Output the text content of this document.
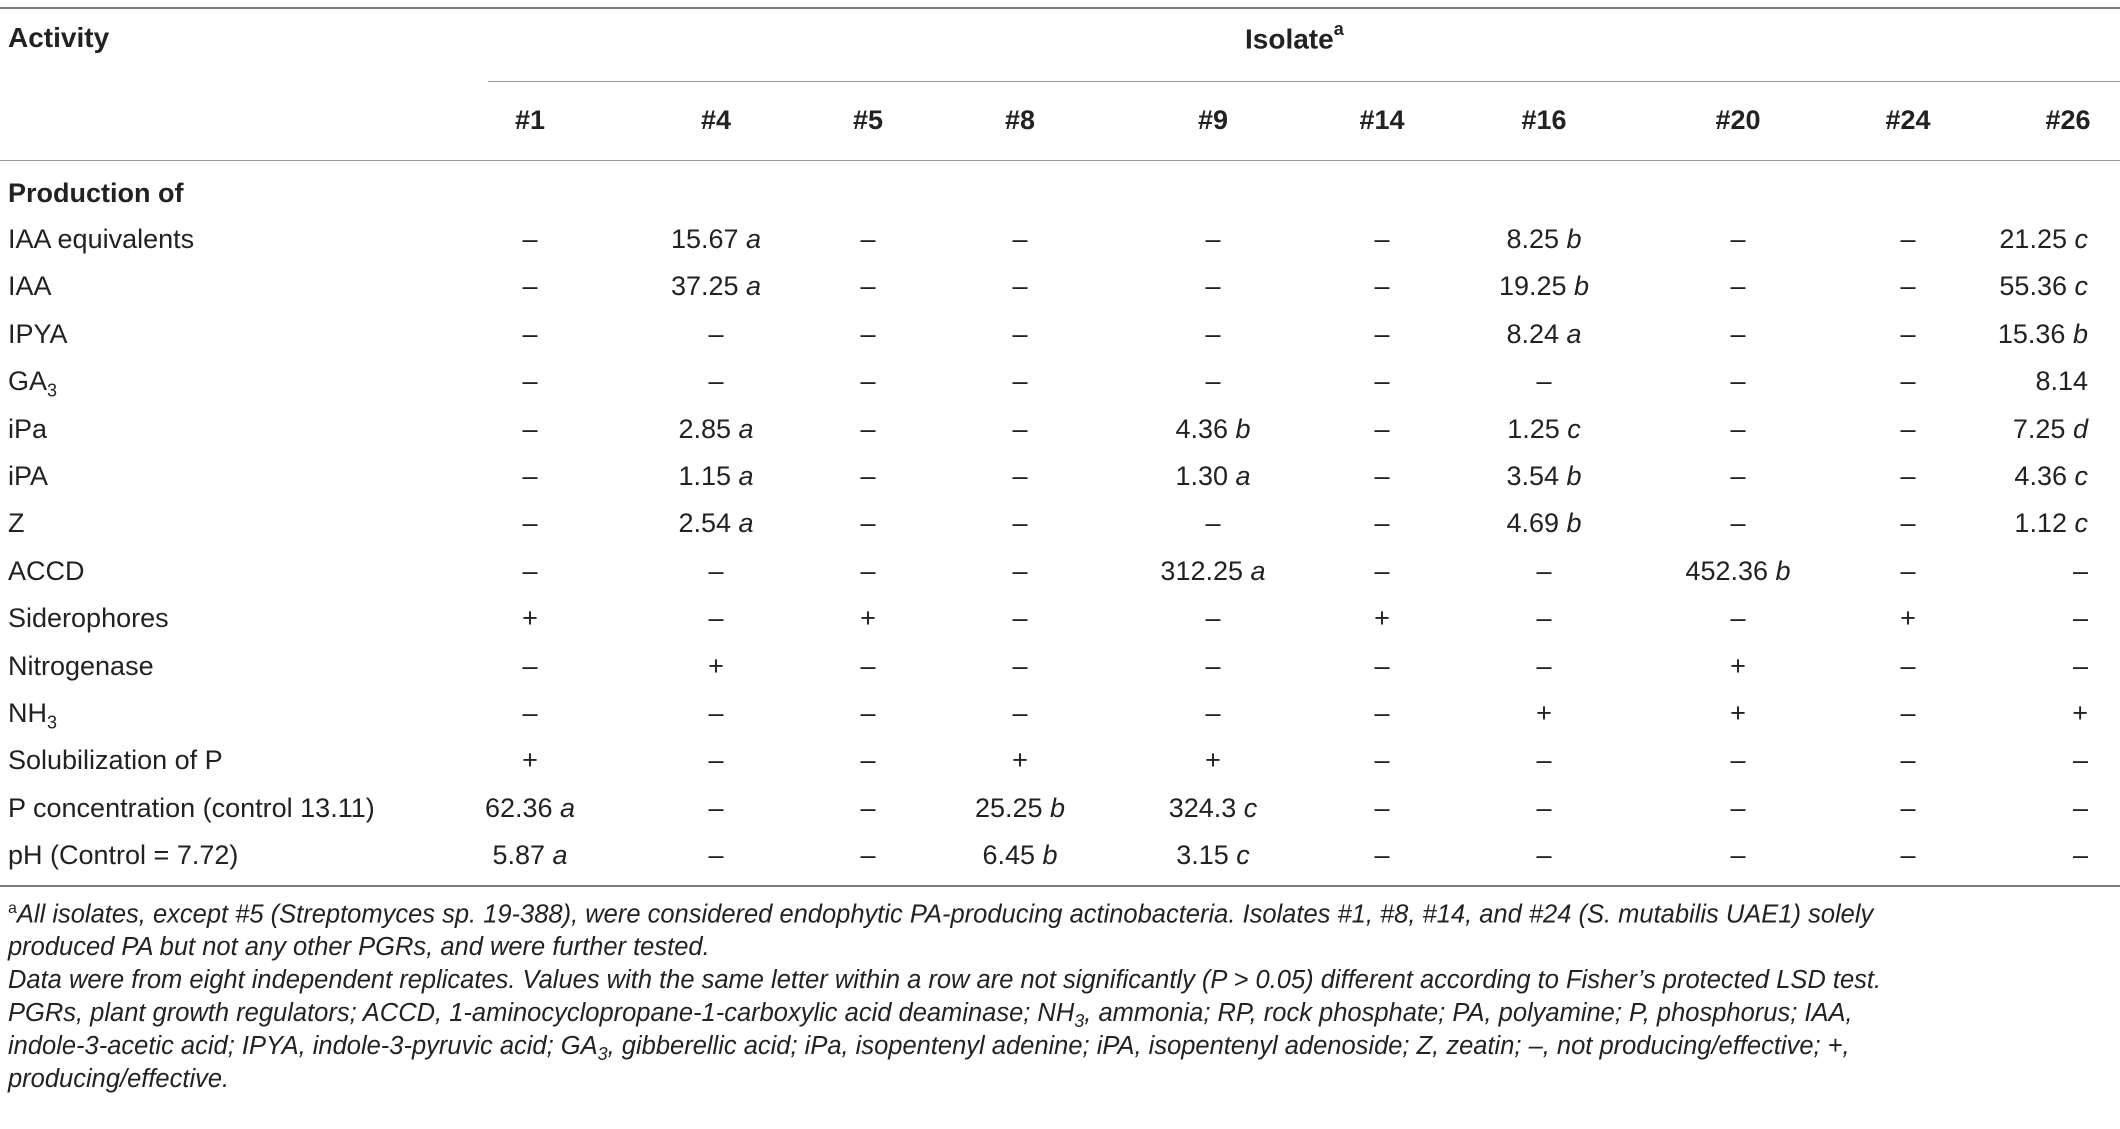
Activity	Isolate$^a$
#1	#4	#5	#8	#9	#14	#16	#20	#24	#26
Production of
IAA equivalents	–	15.67 a	–	–	–	–	8.25 b	–	–	21.25 c
IAA	–	37.25 a	–	–	–	–	19.25 b	–	–	55.36 c
IPYA	–	–	–	–	–	–	8.24 a	–	–	15.36 b
$GA_3$	–	–	–	–	–	–	–	–	–	8.14
iPa	–	2.85 a	–	–	4.36 b	–	1.25 c	–	–	7.25 d
iPA	–	1.15 a	–	–	1.30 a	–	3.54 b	–	–	4.36 c
Z	–	2.54 a	–	–	–	–	4.69 b	–	–	1.12 c
ACCD	–	–	–	–	312.25 a	–	–	452.36 b	–	–
Siderophores	+	–	+	–	–	+	–	–	+	–
Nitrogenase	–	+	–	–	–	–	–	+	–	–
$NH_3$	–	–	–	–	–	–	+	+	–	+
Solubilization of P	+	–	–	+	+	–	–	–	–	–
P concentration (control 13.11)	62.36 a	–	–	25.25 b	324.3 c	–	–	–	–	–
pH (Control = 7.72)	5.87 a	–	–	6.45 b	3.15 c	–	–	–	–	–
$^a$All isolates, except #5 (Streptomyces sp. 19-388), were considered endophytic PA-producing actinobacteria. Isolates #1, #8, #14, and #24 (S. mutabilis UAE1) solely
produced PA but not any other PGRs, and were further tested.
Data were from eight independent replicates. Values with the same letter within a row are not significantly (P > 0.05) different according to Fisher’s protected LSD test.
PGRs, plant growth regulators; ACCD, 1-aminocyclopropane-1-carboxylic acid deaminase; $NH_3$, ammonia; RP, rock phosphate; PA, polyamine; P, phosphorus; IAA,
indole-3-acetic acid; IPYA, indole-3-pyruvic acid; $GA_3$, gibberellic acid; iPa, isopentenyl adenine; iPA, isopentenyl adenoside; Z, zeatin; –, not producing/effective; +,
producing/effective.
